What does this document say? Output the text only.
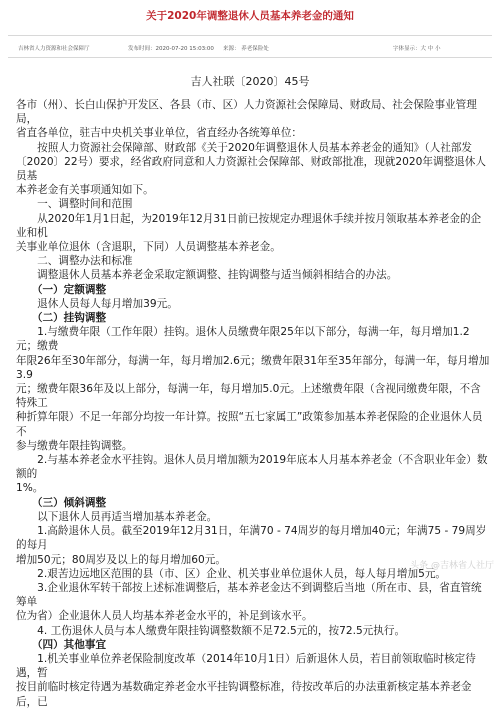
关于2020年调整退休人员基本养老金的通知
吉林省人力资源和社会保障厅	发布时间：2020-07-20 15:03:00 来源： 养老保险处	字体显示：大 中 小
吉人社联〔2020〕45号

各市（州）、长白山保护开发区、各县（市、区）人力资源社会保障局、财政局、社会保险事业管理局，

省直各单位，驻吉中央机关事业单位，省直经办各统筹单位：

　　按照人力资源社会保障部、财政部《关于2020年调整退休人员基本养老金的通知》（人社部发

〔2020〕22号）要求，经省政府同意和人力资源社会保障部、财政部批准，现就2020年调整退休人员基

本养老金有关事项通知如下。

　　一、调整时间和范围

　　从2020年1月1日起，为2019年12月31日前已按规定办理退休手续并按月领取基本养老金的企业和机

关事业单位退休（含退职，下同）人员调整基本养老金。

　　二、调整办法和标准

　　调整退休人员基本养老金采取定额调整、挂钩调整与适当倾斜相结合的办法。

　　（一）定额调整

　　退休人员每人每月增加39元。

　　（二）挂钩调整

　　1.与缴费年限（工作年限）挂钩。退休人员缴费年限25年以下部分，每满一年，每月增加1.2元；缴费

年限26年至30年部分，每满一年，每月增加2.6元；缴费年限31年至35年部分，每满一年，每月增加3.9

元；缴费年限36年及以上部分，每满一年，每月增加5.0元。上述缴费年限（含视同缴费年限，不含特殊工

种折算年限）不足一年部分均按一年计算。按照“五七家属工”政策参加基本养老保险的企业退休人员不

参与缴费年限挂钩调整。

　　2.与基本养老金水平挂钩。退休人员月增加额为2019年底本人月基本养老金（不含职业年金）数额的

1%。

　　（三）倾斜调整

　　以下退休人员再适当增加基本养老金。

　　1.高龄退休人员。截至2019年12月31日，年满70 - 74周岁的每月增加40元；年满75 - 79周岁的每月

增加50元；80周岁及以上的每月增加60元。

　　2.艰苦边远地区范围的县（市、区）企业、机关事业单位退休人员，每人每月增加5元。

　　3.企业退休军转干部按上述标准调整后，基本养老金达不到调整后当地（所在市、县，省直管统筹单

位为省）企业退休人员人均基本养老金水平的，补足到该水平。

　　4. 工伤退休人员与本人缴费年限挂钩调整数额不足72.5元的，按72.5元执行。

　　（四）其他事宜

　　1.机关事业单位养老保险制度改革（2014年10月1日）后新退休人员，若目前领取临时核定待遇，暂

按目前临时核定待遇为基数确定养老金水平挂钩调整标准，待按改革后的办法重新核定基本养老金后，已

头条 @吉林省人社厅
